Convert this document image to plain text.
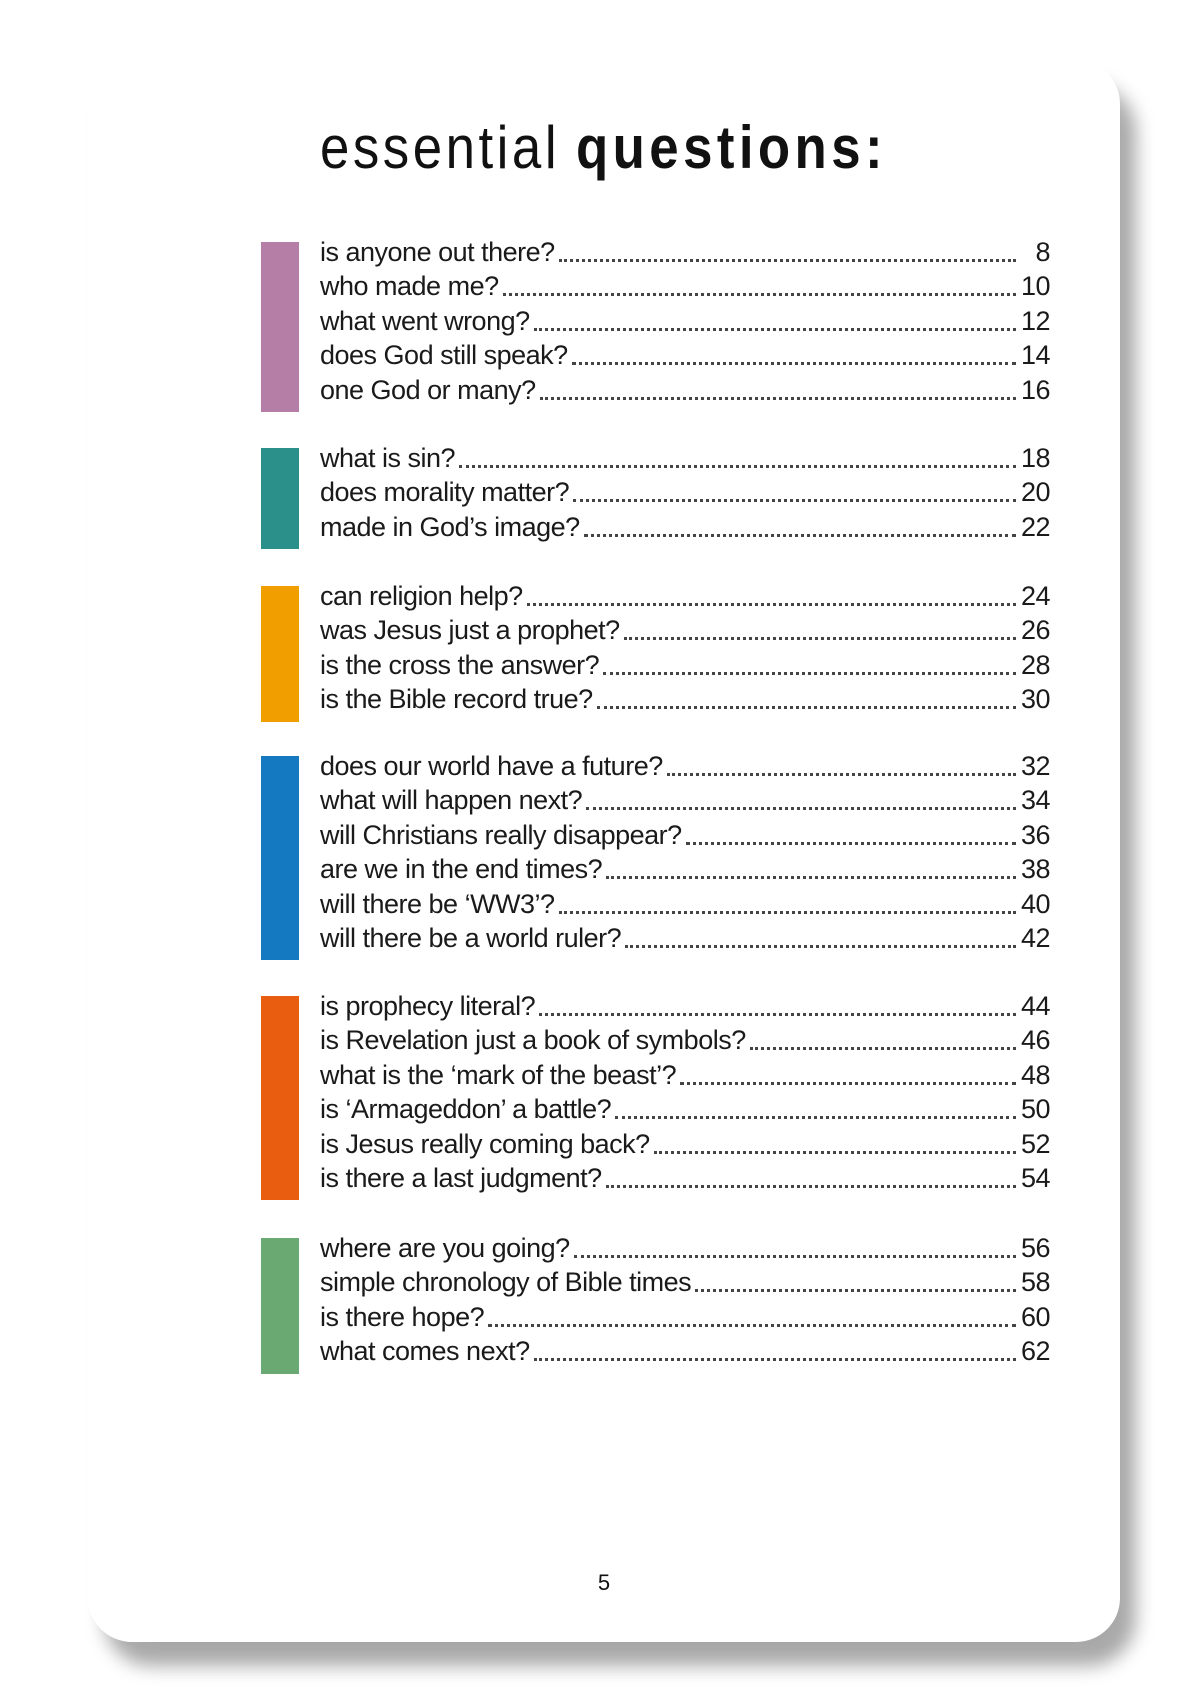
essential questions:
is anyone out there?	8
who made me?	10
what went wrong?	12
does God still speak?	14
one God or many?	16
what is sin?	18
does morality matter?	20
made in God’s image?	22
can religion help?	24
was Jesus just a prophet?	26
is the cross the answer?	28
is the Bible record true?	30
does our world have a future?	32
what will happen next?	34
will Christians really disappear?	36
are we in the end times?	38
will there be ‘WW3’?	40
will there be a world ruler?	42
is prophecy literal?	44
is Revelation just a book of symbols?	46
what is the ‘mark of the beast’?	48
is ‘Armageddon’ a battle?	50
is Jesus really coming back?	52
is there a last judgment?	54
where are you going?	56
simple chronology of Bible times	58
is there hope?	60
what comes next?	62
5
